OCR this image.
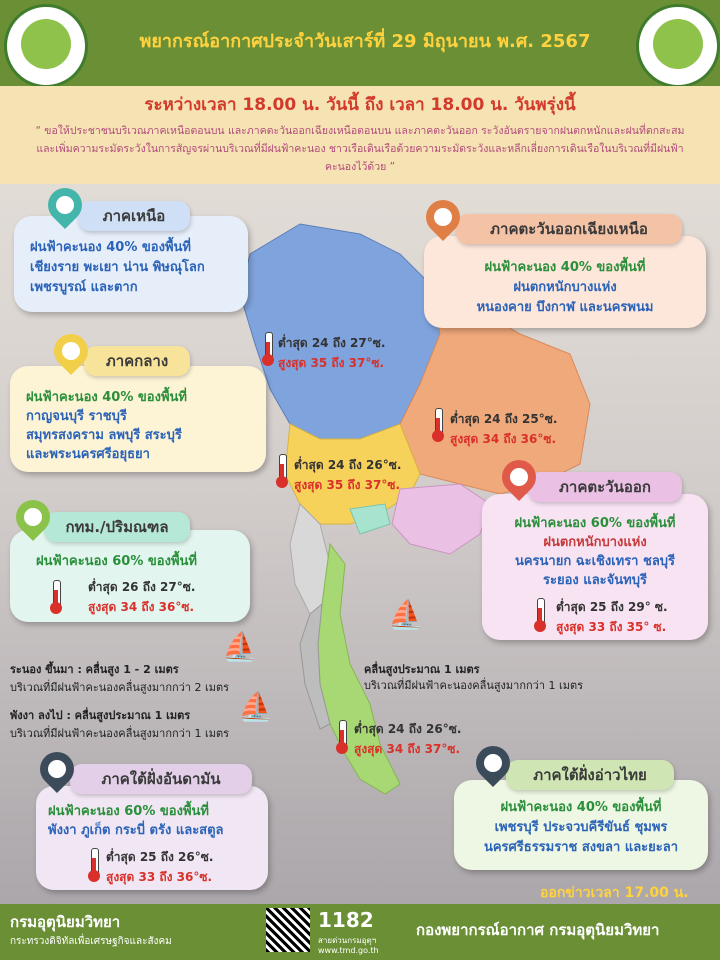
พยากรณ์อากาศประจำวันเสาร์ที่ 29 มิถุนายน พ.ศ. 2567
ระหว่างเวลา 18.00 น. วันนี้ ถึง เวลา 18.00 น. วันพรุ่งนี้
“ ขอให้ประชาชนบริเวณภาคเหนือตอนบน และภาคตะวันออกเฉียงเหนือตอนบน และภาคตะวันออก ระวังอันตรายจากฝนตกหนักและฝนที่ตกสะสม และเพิ่มความระมัดระวังในการสัญจรผ่านบริเวณที่มีฝนฟ้าคะนอง ชาวเรือเดินเรือด้วยความระมัดระวังและหลีกเลี่ยงการเดินเรือในบริเวณที่มีฝนฟ้าคะนองไว้ด้วย ”
ฝนฟ้าคะนอง 40% ของพื้นที่
เชียงราย พะเยา น่าน พิษณุโลก
เพชรบูรณ์ และตาก
ภาคเหนือ
ต่ำสุด 24 ถึง 27°ซ.
สูงสุด 35 ถึง 37°ซ.
ฝนฟ้าคะนอง 40% ของพื้นที่
ฝนตกหนักบางแห่ง
หนองคาย บึงกาฬ และนครพนม
ภาคตะวันออกเฉียงเหนือ
ต่ำสุด 24 ถึง 25°ซ.
สูงสุด 34 ถึง 36°ซ.
ฝนฟ้าคะนอง 40% ของพื้นที่
กาญจนบุรี ราชบุรี
สมุทรสงคราม ลพบุรี สระบุรี
และพระนครศรีอยุธยา
ภาคกลาง
ต่ำสุด 24 ถึง 26°ซ.
สูงสุด 35 ถึง 37°ซ.
ฝนฟ้าคะนอง 60% ของพื้นที่
ต่ำสุด 26 ถึง 27°ซ.
สูงสุด 34 ถึง 36°ซ.
กทม./ปริมณฑล	ฝนฟ้าคะนอง 60% ของพื้นที่
ฝนตกหนักบางแห่ง
นครนายก ฉะเชิงเทรา ชลบุรี
ระยอง และจันทบุรี
ต่ำสุด 25 ถึง 29° ซ.
สูงสุด 33 ถึง 35° ซ.
ภาคตะวันออก
⛵
⛵
⛵
ระนอง ขึ้นมา : คลื่นสูง 1 - 2 เมตร
บริเวณที่มีฝนฟ้าคะนองคลื่นสูงมากกว่า 2 เมตร
พังงา ลงไป : คลื่นสูงประมาณ 1 เมตร
บริเวณที่มีฝนฟ้าคะนองคลื่นสูงมากกว่า 1 เมตร
คลื่นสูงประมาณ 1 เมตร
บริเวณที่มีฝนฟ้าคะนองคลื่นสูงมากกว่า 1 เมตร
ต่ำสุด 24 ถึง 26°ซ.
สูงสุด 34 ถึง 37°ซ.
ฝนฟ้าคะนอง 60% ของพื้นที่
พังงา ภูเก็ต กระบี่ ตรัง และสตูล
ต่ำสุด 25 ถึง 26°ซ.
สูงสุด 33 ถึง 36°ซ.
ภาคใต้ฝั่งอันดามัน
ฝนฟ้าคะนอง 40% ของพื้นที่
เพชรบุรี ประจวบคีรีขันธ์ ชุมพร
นครศรีธรรมราช สงขลา และยะลา
ภาคใต้ฝั่งอ่าวไทย
ออกข่าวเวลา 17.00 น.
กรมอุตุนิยมวิทยา
กระทรวงดิจิทัลเพื่อเศรษฐกิจและสังคม
1182
สายด่วนกรมอุตุฯ
www.tmd.go.th
กองพยากรณ์อากาศ กรมอุตุนิยมวิทยา
